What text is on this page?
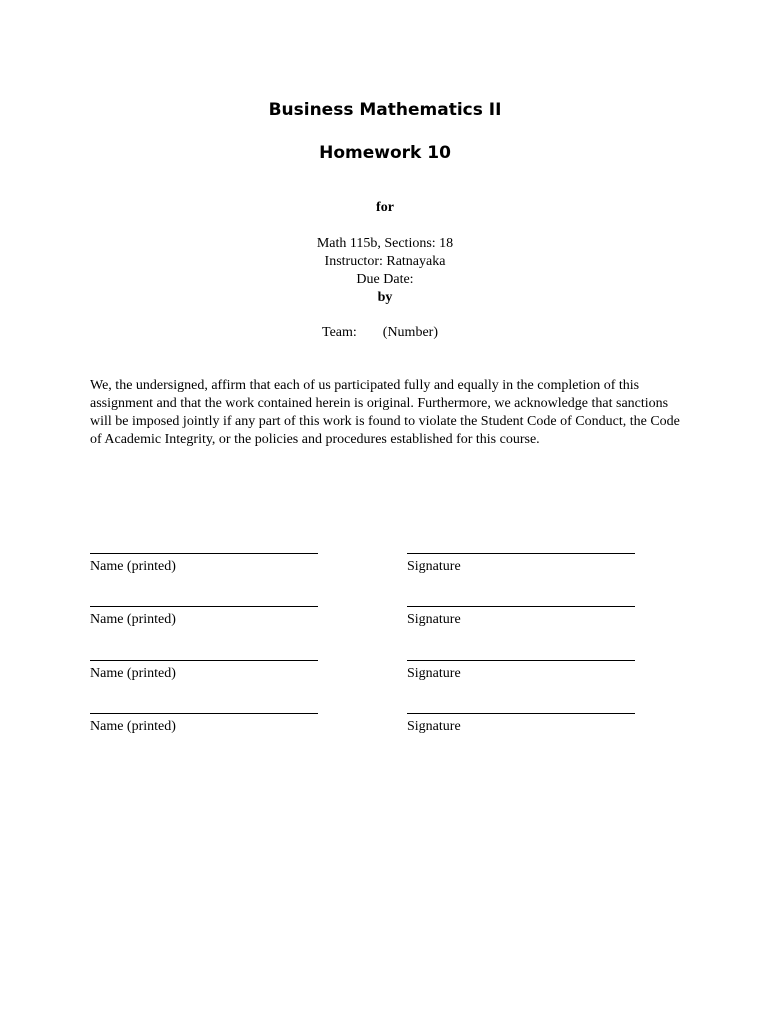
Business Mathematics II
Homework 10
for
Math 115b, Sections: 18
Instructor: Ratnayaka
Due Date:
by
Team: (Number)

We, the undersigned, affirm that each of us participated fully and equally in the completion of this assignment and that the work contained herein is original. Furthermore, we acknowledge that sanctions will be imposed jointly if any part of this work is found to violate the Student Code of Conduct, the Code of Academic Integrity, or the policies and procedures established for this course.

Name (printed)	Signature
Name (printed)	Signature
Name (printed)	Signature
Name (printed)	Signature
